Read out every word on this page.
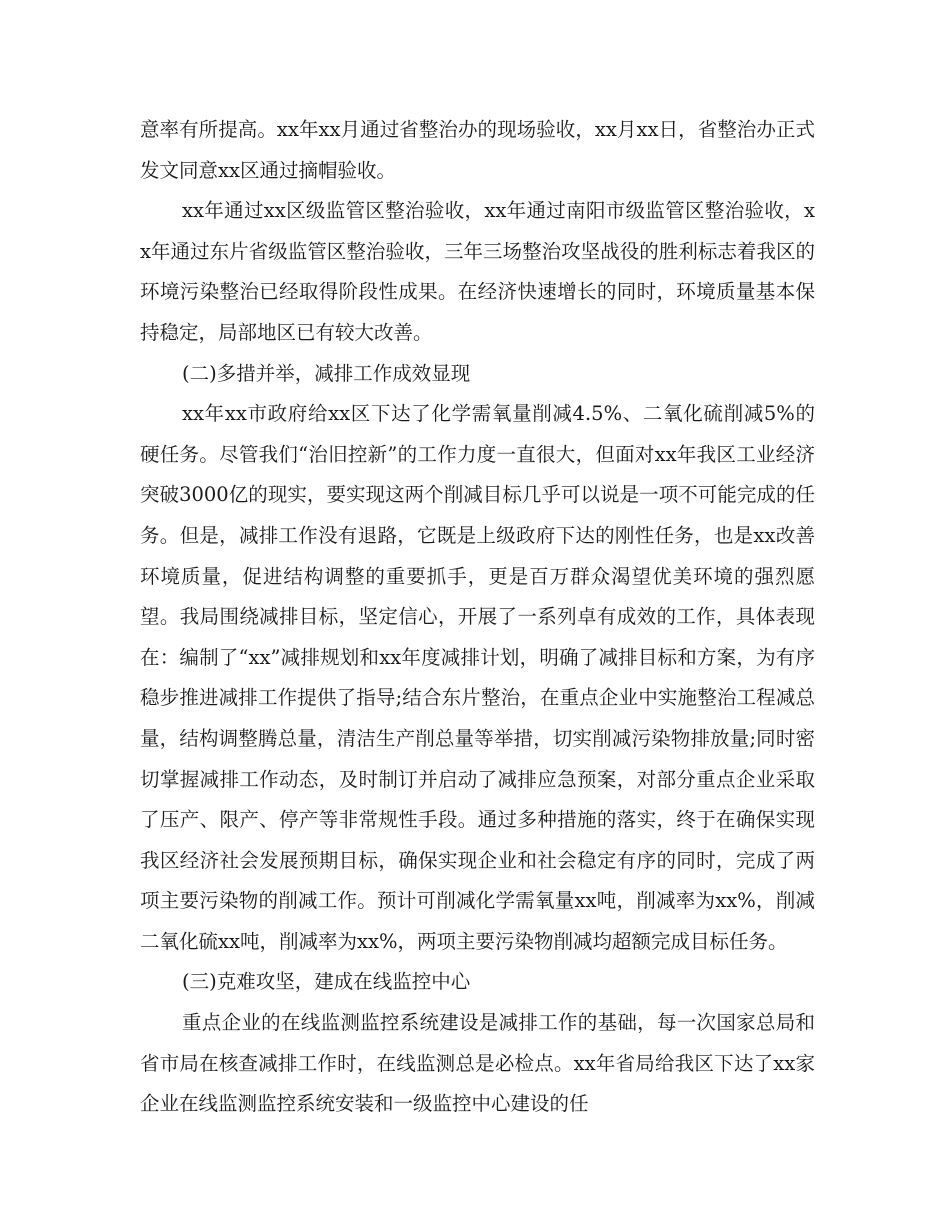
意率有所提高。xx年xx月通过省整治办的现场验收，xx月xx日，省整治办正式发文同意xx区通过摘帽验收。

xx年通过xx区级监管区整治验收，xx年通过南阳市级监管区整治验收，xx年通过东片省级监管区整治验收，三年三场整治攻坚战役的胜利标志着我区的环境污染整治已经取得阶段性成果。在经济快速增长的同时，环境质量基本保持稳定，局部地区已有较大改善。

(二)多措并举，减排工作成效显现

xx年xx市政府给xx区下达了化学需氧量削减4.5%、二氧化硫削减5%的硬任务。尽管我们“治旧控新”的工作力度一直很大，但面对xx年我区工业经济突破3000亿的现实，要实现这两个削减目标几乎可以说是一项不可能完成的任务。但是，减排工作没有退路，它既是上级政府下达的刚性任务，也是xx改善环境质量，促进结构调整的重要抓手，更是百万群众渴望优美环境的强烈愿望。我局围绕减排目标，坚定信心，开展了一系列卓有成效的工作，具体表现在：编制了“xx”减排规划和xx年度减排计划，明确了减排目标和方案，为有序稳步推进减排工作提供了指导;结合东片整治，在重点企业中实施整治工程减总量，结构调整腾总量，清洁生产削总量等举措，切实削减污染物排放量;同时密切掌握减排工作动态，及时制订并启动了减排应急预案，对部分重点企业采取了压产、限产、停产等非常规性手段。通过多种措施的落实，终于在确保实现我区经济社会发展预期目标，确保实现企业和社会稳定有序的同时，完成了两项主要污染物的削减工作。预计可削减化学需氧量xx吨，削减率为xx%，削减二氧化硫xx吨，削减率为xx%，两项主要污染物削减均超额完成目标任务。

(三)克难攻坚，建成在线监控中心

重点企业的在线监测监控系统建设是减排工作的基础，每一次国家总局和省市局在核查减排工作时，在线监测总是必检点。xx年省局给我区下达了xx家企业在线监测监控系统安装和一级监控中心建设的任
